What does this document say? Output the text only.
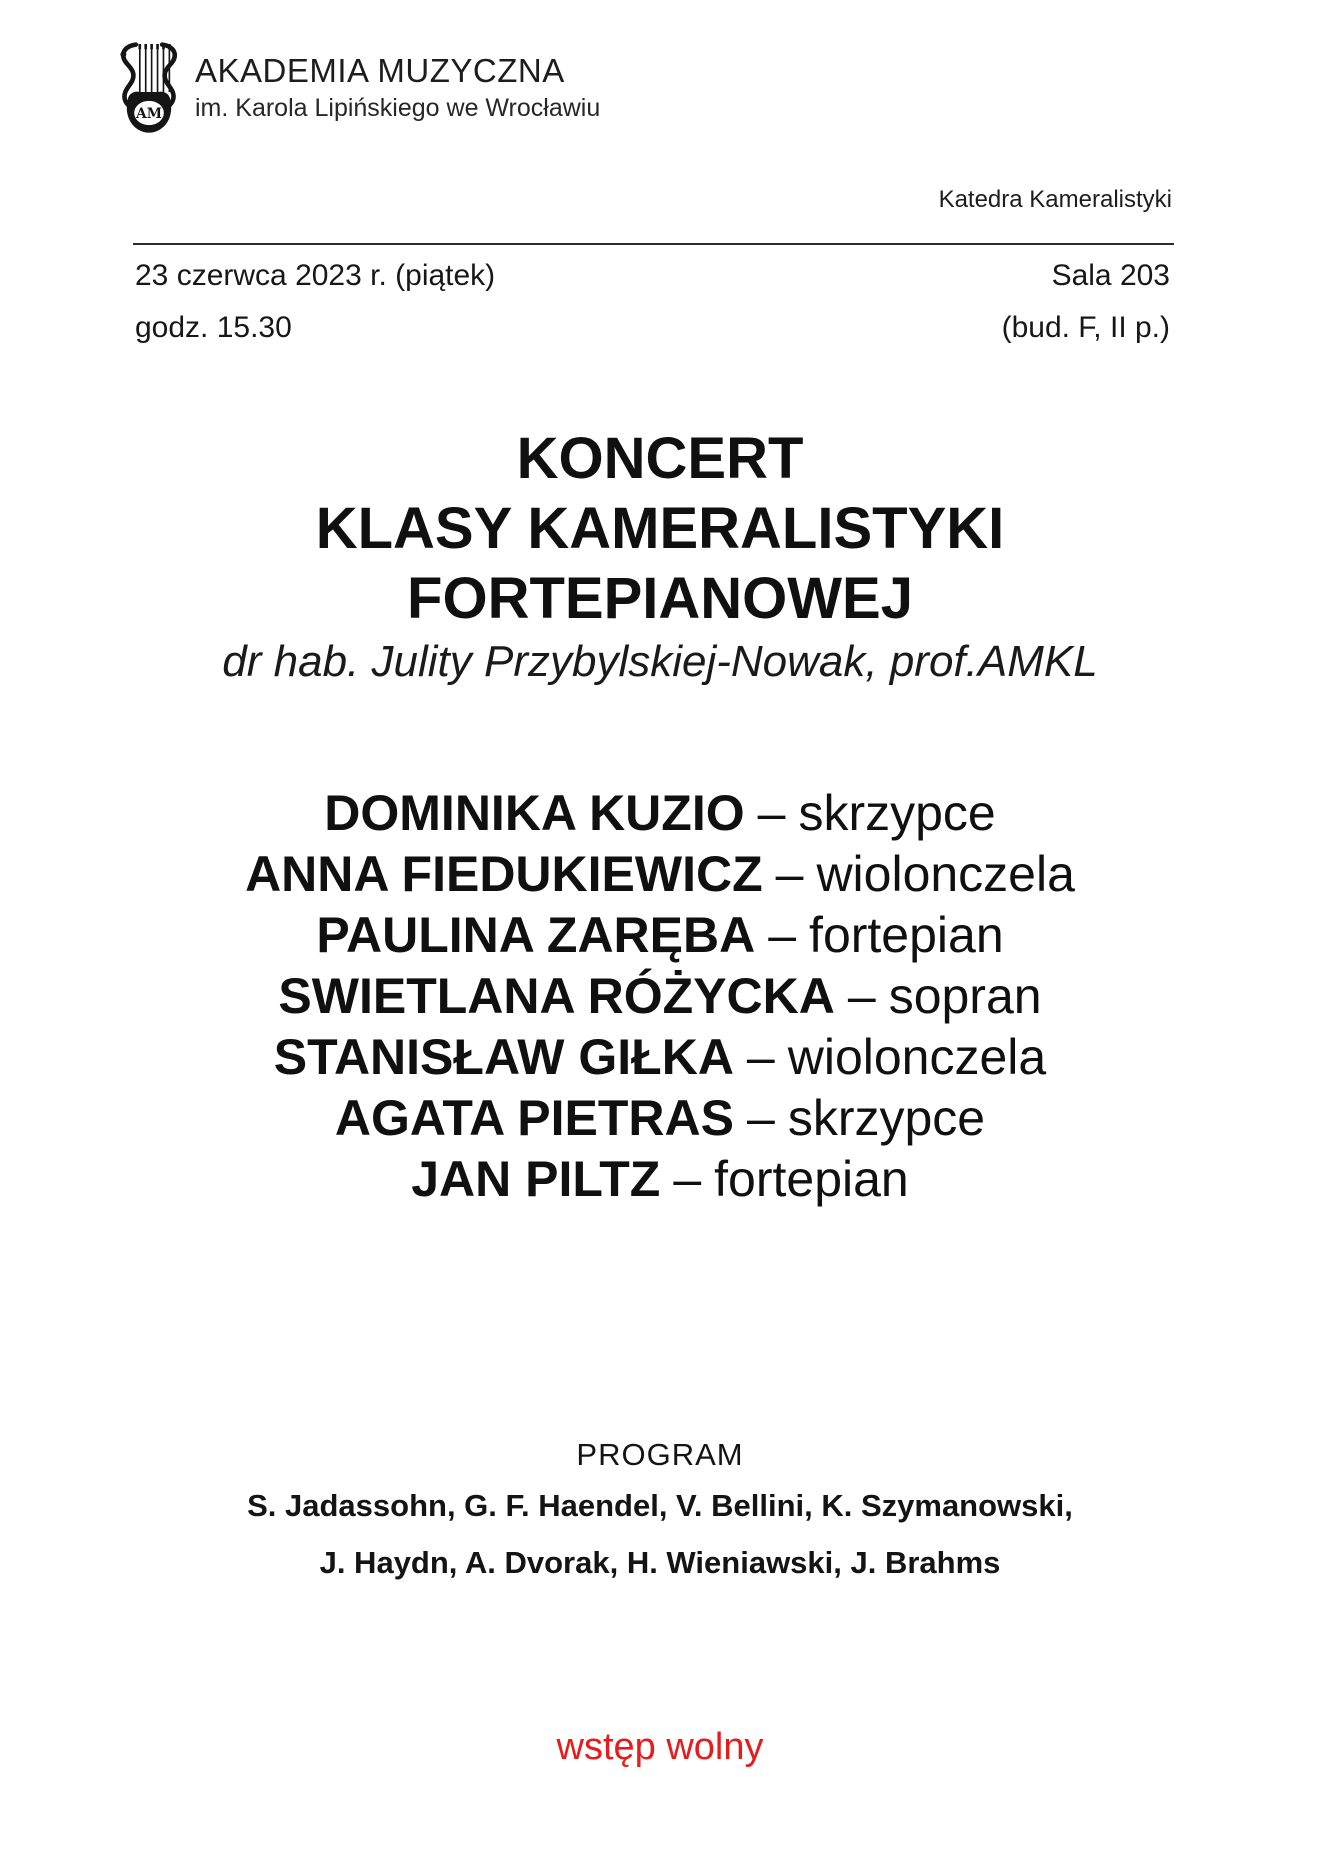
AM
AKADEMIA MUZYCZNA
im. Karola Lipińskiego we Wrocławiu
Katedra Kameralistyki
23 czerwca 2023 r. (piątek)	Sala 203
godz. 15.30	(bud. F, II p.)
KONCERT
KLASY KAMERALISTYKI
FORTEPIANOWEJ
dr hab. Julity Przybylskiej-Nowak, prof.AMKL
DOMINIKA KUZIO – skrzypce
ANNA FIEDUKIEWICZ – wiolonczela
PAULINA ZARĘBA – fortepian
SWIETLANA RÓŻYCKA – sopran
STANISŁAW GIŁKA – wiolonczela
AGATA PIETRAS – skrzypce
JAN PILTZ – fortepian
PROGRAM
S. Jadassohn, G. F. Haendel, V. Bellini, K. Szymanowski,
J. Haydn, A. Dvorak, H. Wieniawski, J. Brahms
wstęp wolny
